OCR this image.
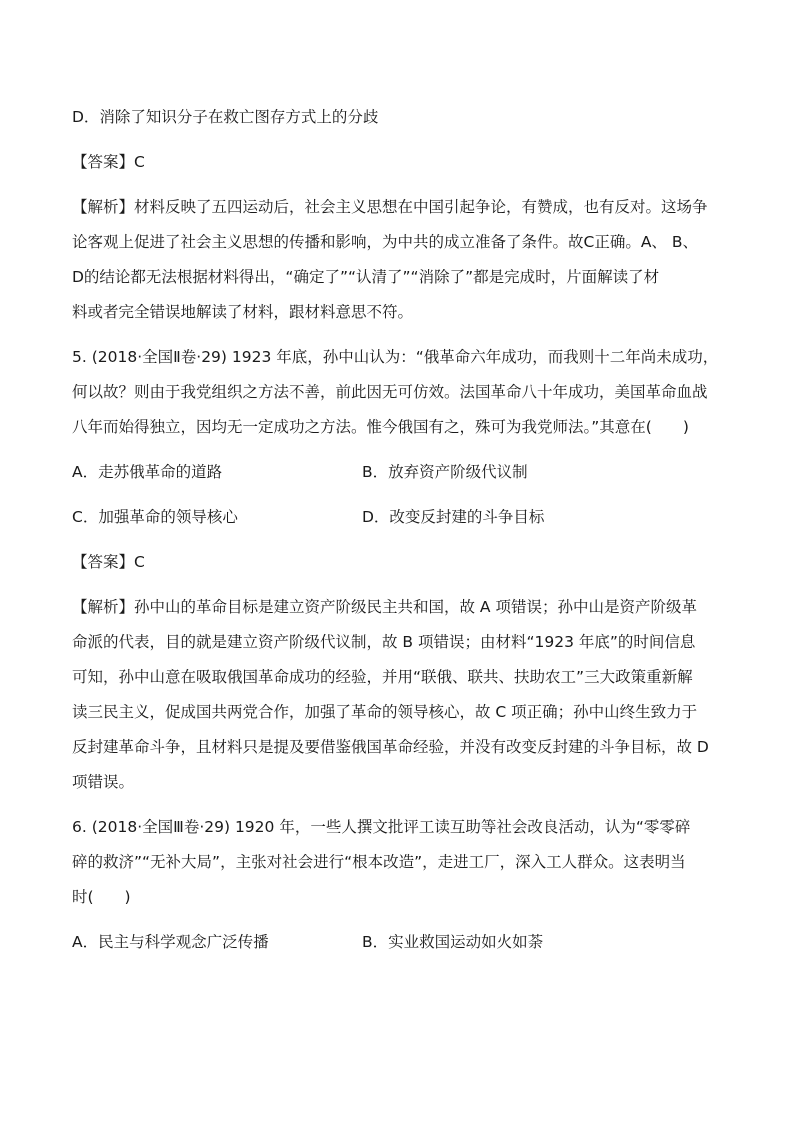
D．消除了知识分子在救亡图存方式上的分歧
【答案】C
【解析】材料反映了五四运动后，社会主义思想在中国引起争论，有赞成，也有反对。这场争
论客观上促进了社会主义思想的传播和影响，为中共的成立准备了条件。故C正确。A、 B、
D的结论都无法根据材料得出，“确定了”“认清了”“消除了”都是完成时，片面解读了材
料或者完全错误地解读了材料，跟材料意思不符。
5. (2018·全国Ⅱ卷·29) 1923 年底，孙中山认为：“俄革命六年成功，而我则十二年尚未成功，
何以故？则由于我党组织之方法不善，前此因无可仿效。法国革命八十年成功，美国革命血战
八年而始得独立，因均无一定成功之方法。惟今俄国有之，殊可为我党师法。”其意在(　　)
A．走苏俄革命的道路	B．放弃资产阶级代议制
C．加强革命的领导核心	D．改变反封建的斗争目标
【答案】C
【解析】孙中山的革命目标是建立资产阶级民主共和国，故 A 项错误；孙中山是资产阶级革
命派的代表，目的就是建立资产阶级代议制，故 B 项错误；由材料“1923 年底”的时间信息
可知，孙中山意在吸取俄国革命成功的经验，并用“联俄、联共、扶助农工”三大政策重新解
读三民主义，促成国共两党合作，加强了革命的领导核心，故 C 项正确；孙中山终生致力于
反封建革命斗争，且材料只是提及要借鉴俄国革命经验，并没有改变反封建的斗争目标，故 D
项错误。
6. (2018·全国Ⅲ卷·29) 1920 年，一些人撰文批评工读互助等社会改良活动，认为“零零碎
碎的救济”“无补大局”，主张对社会进行“根本改造”，走进工厂，深入工人群众。这表明当
时(　　)
A．民主与科学观念广泛传播	B．实业救国运动如火如荼
